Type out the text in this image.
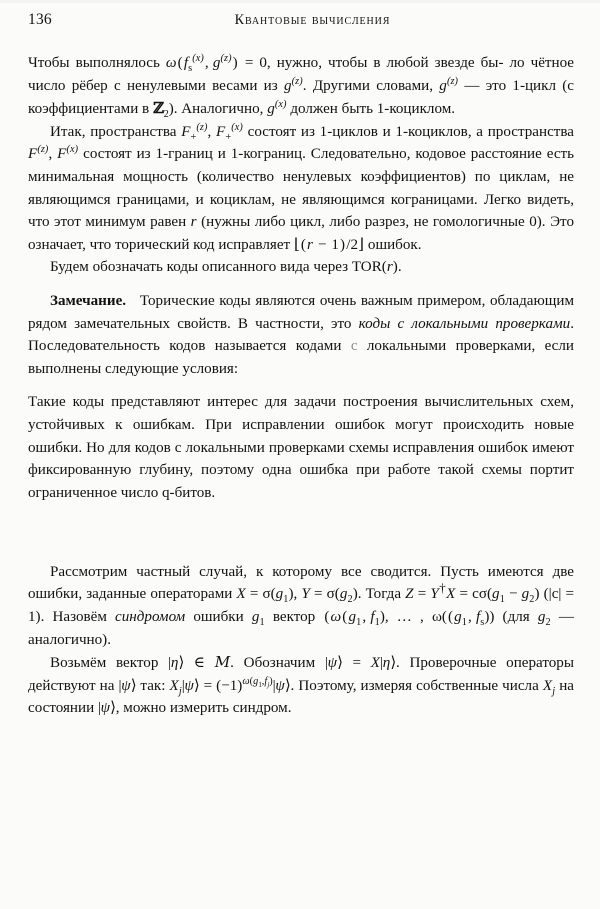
136	Квантовые вычисления

Чтобы выполнялось $\omega(f_s^{(x)}$,  $g^{(z)}) = 0$, нужно, чтобы в любой звезде бы- ло чётное число рёбер с ненулевыми весами из $g^{(z)}$. Другими словами, $g^{(z)}$ — это 1-цикл (с коэффициентами в ℤ$_2$). Аналогично, $g^{(x)}$ должен быть 1-коциклом.

Итак, пространства $F_+^{(z)}$, $F_+^{(x)}$ состоят из 1-циклов и 1-коциклов, а пространства $F^{(z)}$, $F^{(x)}$ состоят из 1-границ и 1-кограниц. Следовательно, кодовое расстояние есть минимальная мощность (количество ненулевых коэффициентов) по циклам, не являющимся границами, и коциклам, не являющимся кограницами. Легко видеть, что этот минимум равен r (нужны либо цикл, либо разрез, не гомологичные 0). Это означает, что торический код исправляет ⌊(r − 1)/2⌋ ошибок.

Будем обозначать коды описанного вида через TOR(r).

Замечание. Торические коды являются очень важным примером, обладающим рядом замечательных свойств. В частности, это коды с локальными проверками. Последовательность кодов называется кодами с локальными проверками, если выполнены следующие условия:

Такие коды представляют интерес для задачи построения вычислительных схем, устойчивых к ошибкам. При исправлении ошибок могут происходить новые ошибки. Но для кодов с локальными проверками схемы исправления ошибок имеют фиксированную глубину, поэтому одна ошибка при работе такой схемы портит ограниченное число q-битов.

Рассмотрим частный случай, к которому все сводится. Пусть имеются две ошибки, заданные операторами $X = \sigma(g_1)$, $Y = \sigma(g_2)$. Тогда Z = Y†X = $c\sigma(g_1 - g_2) (|c| = 1)$. Назовём синдромом ошибки $g_1$ вектор ($\omega(g_1$,  $f_1$), … , $\omega((g_1$,  $f_s$)) (для $g_2$ — аналогично).

Возьмём вектор |η⟩ ∈ M. Обозначим |ψ⟩ = X|η⟩. Проверочные операторы действуют на |ψ⟩ так: $X_j|\psi⟩$ = $(-1)^{\omega(g_1,f_j)}|\psi⟩$. Поэтому, измеряя собственные числа $X_j$ на состоянии |ψ⟩, можно измерить синдром.
